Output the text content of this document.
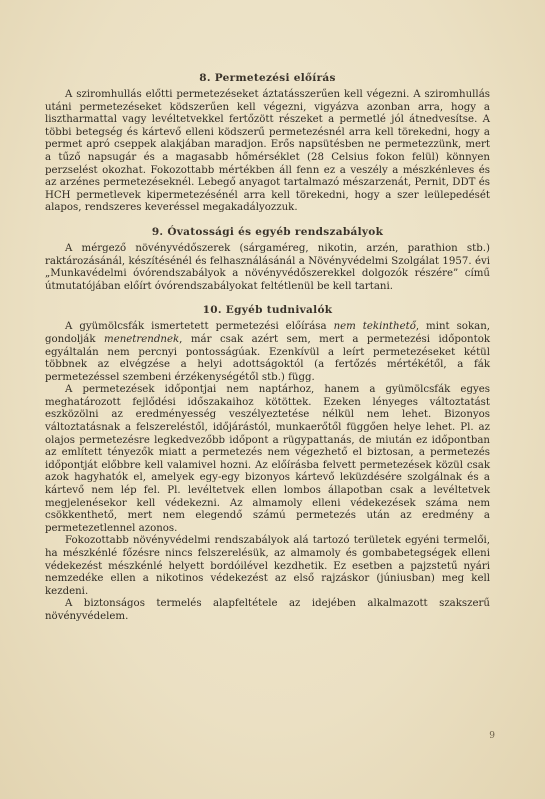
8. Permetezési előírás

A sziromhullás előtti permetezéseket áztatásszerűen kell végezni. A sziromhullás utáni permetezéseket ködszerűen kell végezni, vigyázva azonban arra, hogy a lisztharmattal vagy levéltetvekkel fertőzött részeket a permetlé jól átnedvesítse. A többi betegség és kártevő elleni ködszerű permetezésnél arra kell törekedni, hogy a permet apró cseppek alakjában maradjon. Erős napsütésben ne permetezzünk, mert a tűző napsugár és a magasabb hőmérséklet (28 Celsius fokon felül) könnyen perzselést okozhat. Fokozottabb mértékben áll fenn ez a veszély a mészkénleves és az arzénes permetezéseknél. Lebegő anyagot tartalmazó mészarzenát, Pernit, DDT és HCH permetlevek kipermetezésénél arra kell törekedni, hogy a szer leülepedését alapos, rendszeres keveréssel megakadályozzuk.

9. Óvatossági és egyéb rendszabályok

A mérgező növényvédőszerek (sárgaméreg, nikotin, arzén, parathion stb.) raktározásánál, készítésénél és felhasználásánál a Növényvédelmi Szolgálat 1957. évi „Munkavédelmi óvórendszabályok a növényvédőszerekkel dolgozók részére” című útmutatójában előírt óvórendszabályokat feltétlenül be kell tartani.

10. Egyéb tudnivalók

A gyümölcsfák ismertetett permetezési előírása nem tekinthető, mint sokan, gondolják menetrendnek, már csak azért sem, mert a permetezési időpontok egyáltalán nem percnyi pontosságúak. Ezenkívül a leírt permetezéseket kétül többnek az elvégzése a helyi adottságoktól (a fertőzés mértékétől, a fák permetezéssel szembeni érzékenységétől stb.) függ.

A permetezések időpontjai nem naptárhoz, hanem a gyümölcsfák egyes meghatározott fejlődési időszakaihoz kötöttek. Ezeken lényeges változtatást eszközölni az eredményesség veszélyeztetése nélkül nem lehet. Bizonyos változtatásnak a felszereléstől, időjárástól, munkaerőtől függően helye lehet. Pl. az olajos permetezésre legkedvezőbb időpont a rügypattanás, de miután ez időpontban az említett tényezők miatt a permetezés nem végezhető el biztosan, a permetezés időpontját előbbre kell valamivel hozni. Az előírásba felvett permetezések közül csak azok hagyhatók el, amelyek egy-egy bizonyos kártevő leküzdésére szolgálnak és a kártevő nem lép fel. Pl. levéltetvek ellen lombos állapotban csak a levéltetvek megjelenésekor kell védekezni. Az almamoly elleni védekezések száma nem csökkenthető, mert nem elegendő számú permetezés után az eredmény a permetezetlennel azonos.

Fokozottabb növényvédelmi rendszabályok alá tartozó területek egyéni termelői, ha mészkénlé főzésre nincs felszerelésük, az almamoly és gombabetegségek elleni védekezést mészkénlé helyett bordóilével kezdhetik. Ez esetben a pajzstetű nyári nemzedéke ellen a nikotinos védekezést az első rajzáskor (júniusban) meg kell kezdeni.

A biztonságos termelés alapfeltétele az idejében alkalmazott szakszerű növényvédelem.

9
